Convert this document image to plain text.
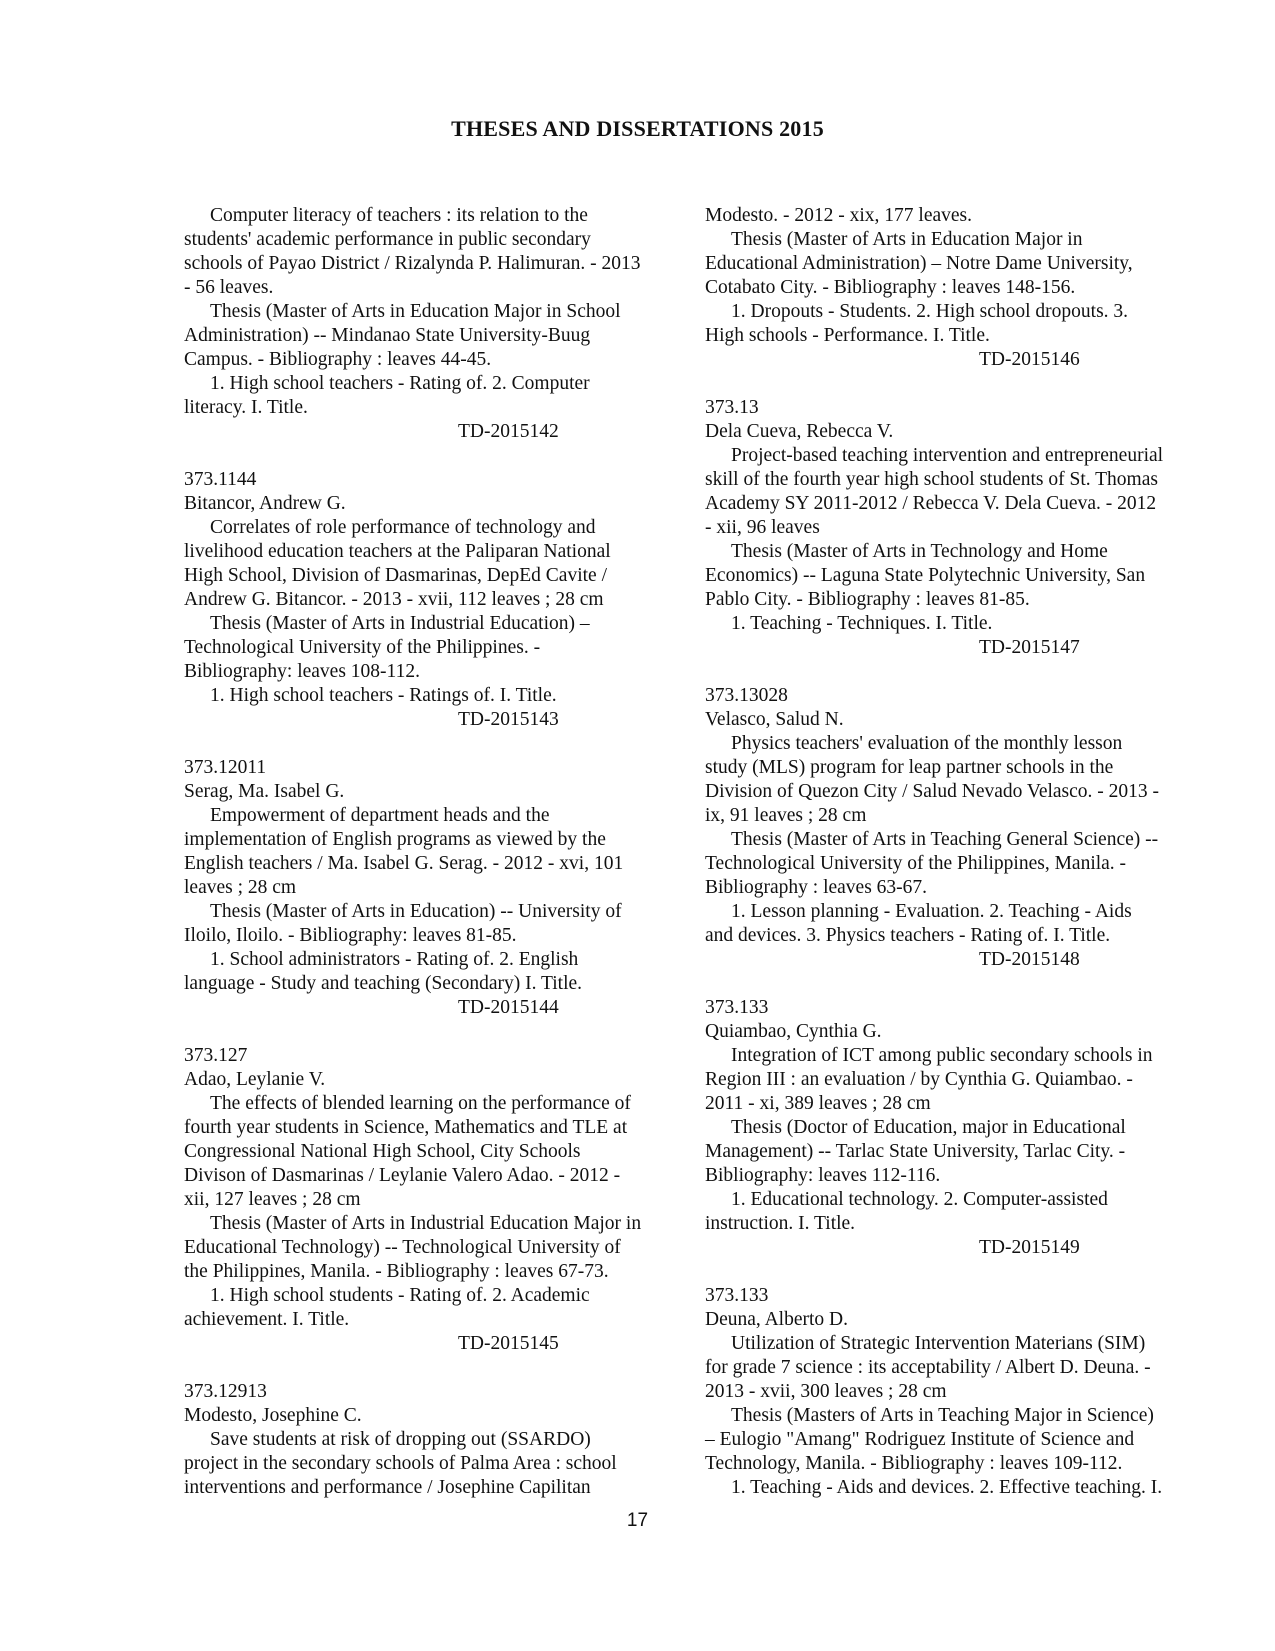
THESES AND DISSERTATIONS 2015
Computer literacy of teachers : its relation to the
students' academic performance in public secondary
schools of Payao District / Rizalynda P. Halimuran. - 2013
- 56 leaves.
Thesis (Master of Arts in Education Major in School
Administration) -- Mindanao State University-Buug
Campus. - Bibliography : leaves 44-45.
1. High school teachers - Rating of. 2. Computer
literacy. I. Title.
TD-2015142
373.1144
Bitancor, Andrew G.
Correlates of role performance of technology and
livelihood education teachers at the Paliparan National
High School, Division of Dasmarinas, DepEd Cavite /
Andrew G. Bitancor. - 2013 - xvii, 112 leaves ; 28 cm
Thesis (Master of Arts in Industrial Education) –
Technological University of the Philippines. -
Bibliography: leaves 108-112.
1. High school teachers - Ratings of. I. Title.
TD-2015143
373.12011
Serag, Ma. Isabel G.
Empowerment of department heads and the
implementation of English programs as viewed by the
English teachers / Ma. Isabel G. Serag. - 2012 - xvi, 101
leaves ; 28 cm
Thesis (Master of Arts in Education) -- University of
Iloilo, Iloilo. - Bibliography: leaves 81-85.
1. School administrators - Rating of. 2. English
language - Study and teaching (Secondary) I. Title.
TD-2015144
373.127
Adao, Leylanie V.
The effects of blended learning on the performance of
fourth year students in Science, Mathematics and TLE at
Congressional National High School, City Schools
Divison of Dasmarinas / Leylanie Valero Adao. - 2012 -
xii, 127 leaves ; 28 cm
Thesis (Master of Arts in Industrial Education Major in
Educational Technology) -- Technological University of
the Philippines, Manila. - Bibliography : leaves 67-73.
1. High school students - Rating of. 2. Academic
achievement. I. Title.
TD-2015145
373.12913
Modesto, Josephine C.
Save students at risk of dropping out (SSARDO)
project in the secondary schools of Palma Area : school
interventions and performance / Josephine Capilitan
Modesto. - 2012 - xix, 177 leaves.
Thesis (Master of Arts in Education Major in
Educational Administration) – Notre Dame University,
Cotabato City. - Bibliography : leaves 148-156.
1. Dropouts - Students. 2. High school dropouts. 3.
High schools - Performance. I. Title.
TD-2015146
373.13
Dela Cueva, Rebecca V.
Project-based teaching intervention and entrepreneurial
skill of the fourth year high school students of St. Thomas
Academy SY 2011-2012 / Rebecca V. Dela Cueva. - 2012
- xii, 96 leaves
Thesis (Master of Arts in Technology and Home
Economics) -- Laguna State Polytechnic University, San
Pablo City. - Bibliography : leaves 81-85.
1. Teaching - Techniques. I. Title.
TD-2015147
373.13028
Velasco, Salud N.
Physics teachers' evaluation of the monthly lesson
study (MLS) program for leap partner schools in the
Division of Quezon City / Salud Nevado Velasco. - 2013 -
ix, 91 leaves ; 28 cm
Thesis (Master of Arts in Teaching General Science) --
Technological University of the Philippines, Manila. -
Bibliography : leaves 63-67.
1. Lesson planning - Evaluation. 2. Teaching - Aids
and devices. 3. Physics teachers - Rating of. I. Title.
TD-2015148
373.133
Quiambao, Cynthia G.
Integration of ICT among public secondary schools in
Region III : an evaluation / by Cynthia G. Quiambao. -
2011 - xi, 389 leaves ; 28 cm
Thesis (Doctor of Education, major in Educational
Management) -- Tarlac State University, Tarlac City. -
Bibliography: leaves 112-116.
1. Educational technology. 2. Computer-assisted
instruction. I. Title.
TD-2015149
373.133
Deuna, Alberto D.
Utilization of Strategic Intervention Materians (SIM)
for grade 7 science : its acceptability / Albert D. Deuna. -
2013 - xvii, 300 leaves ; 28 cm
Thesis (Masters of Arts in Teaching Major in Science)
– Eulogio "Amang" Rodriguez Institute of Science and
Technology, Manila. - Bibliography : leaves 109-112.
1. Teaching - Aids and devices. 2. Effective teaching. I.
17
